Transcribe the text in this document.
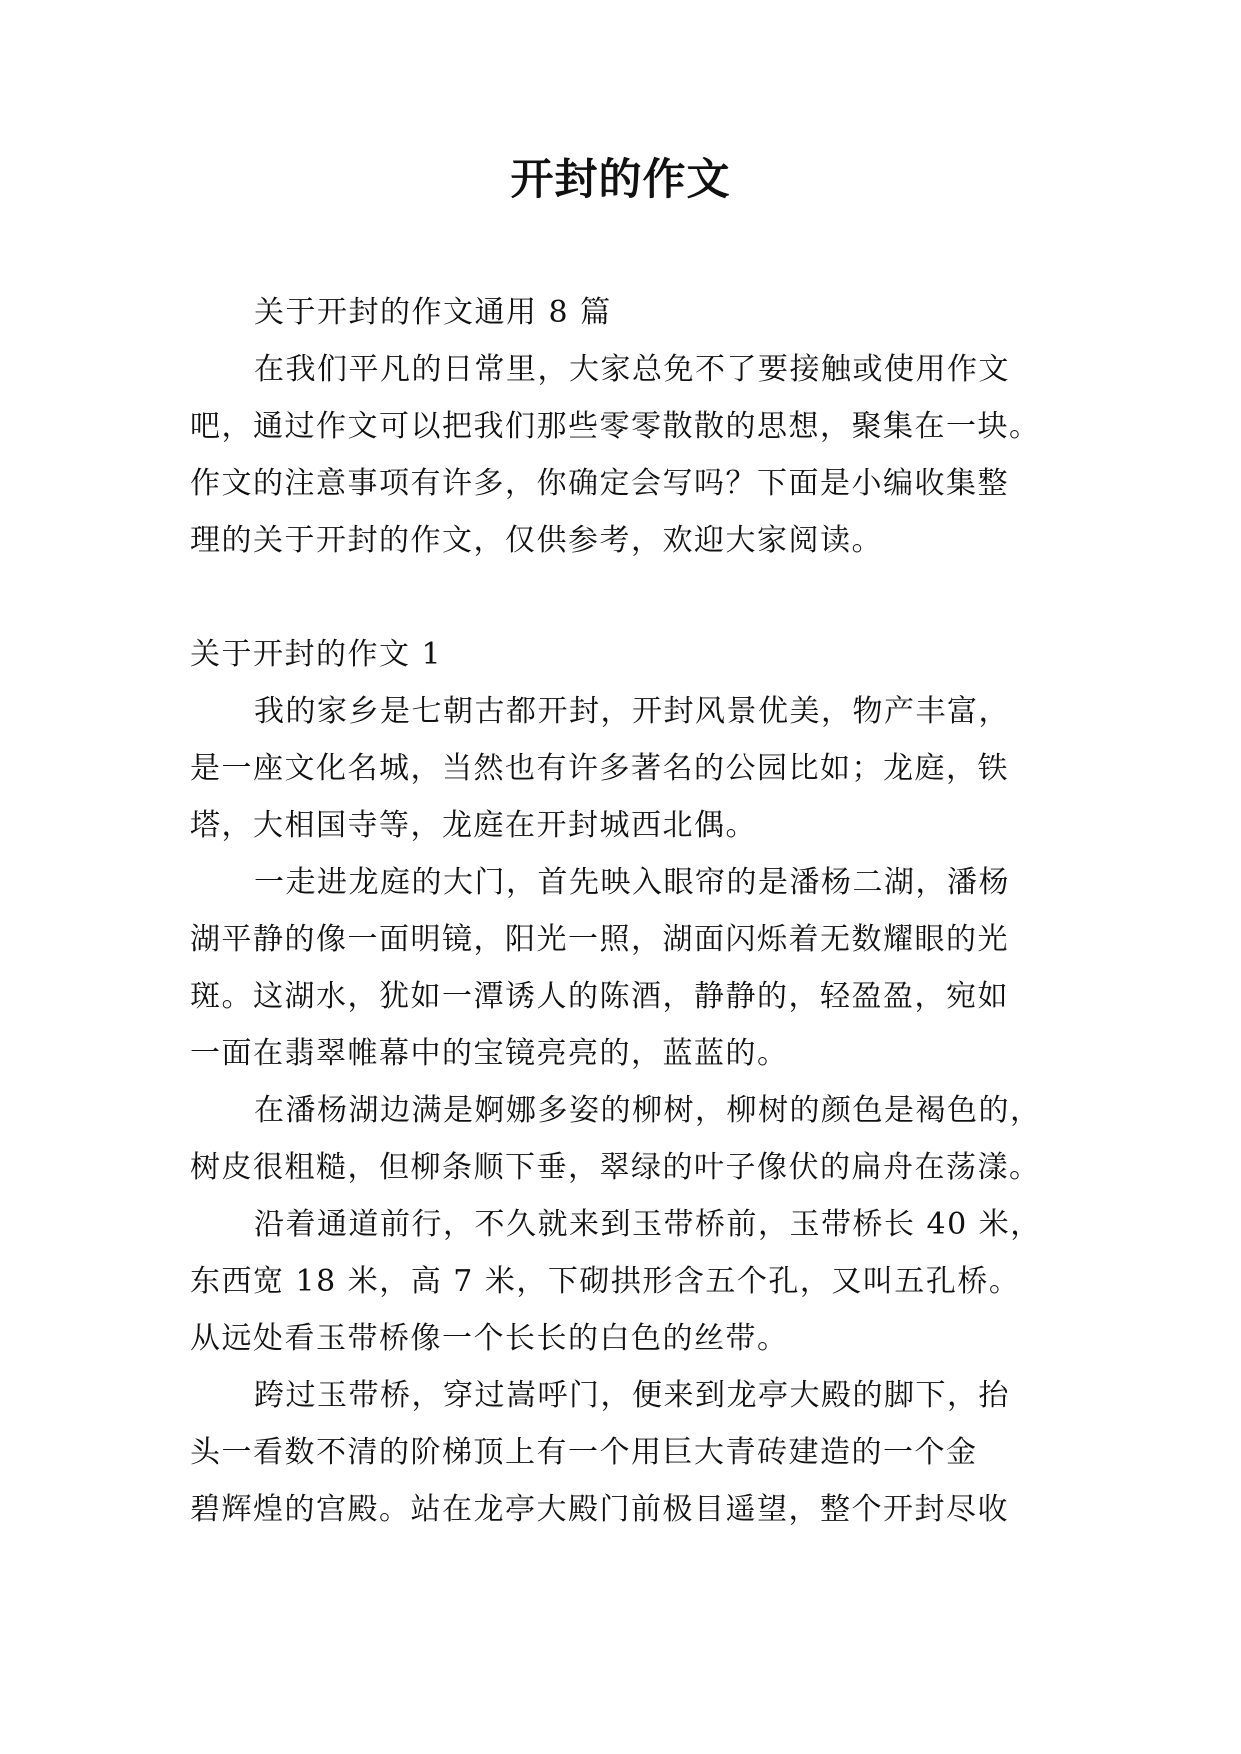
开封的作文
关于开封的作文通用 8 篇
在我们平凡的日常里，大家总免不了要接触或使用作文
吧，通过作文可以把我们那些零零散散的思想，聚集在一块。
作文的注意事项有许多，你确定会写吗？下面是小编收集整
理的关于开封的作文，仅供参考，欢迎大家阅读。
关于开封的作文 1
我的家乡是七朝古都开封，开封风景优美，物产丰富，
是一座文化名城，当然也有许多著名的公园比如；龙庭，铁
塔，大相国寺等，龙庭在开封城西北偶。
一走进龙庭的大门，首先映入眼帘的是潘杨二湖，潘杨
湖平静的像一面明镜，阳光一照，湖面闪烁着无数耀眼的光
斑。这湖水，犹如一潭诱人的陈酒，静静的，轻盈盈，宛如
一面在翡翠帷幕中的宝镜亮亮的，蓝蓝的。
在潘杨湖边满是婀娜多姿的柳树，柳树的颜色是褐色的，
树皮很粗糙，但柳条顺下垂，翠绿的叶子像伏的扁舟在荡漾。
沿着通道前行，不久就来到玉带桥前，玉带桥长 40 米，
东西宽 18 米，高 7 米，下砌拱形含五个孔，又叫五孔桥。
从远处看玉带桥像一个长长的白色的丝带。
跨过玉带桥，穿过嵩呼门，便来到龙亭大殿的脚下，抬
头一看数不清的阶梯顶上有一个用巨大青砖建造的一个金
碧辉煌的宫殿。站在龙亭大殿门前极目遥望，整个开封尽收
